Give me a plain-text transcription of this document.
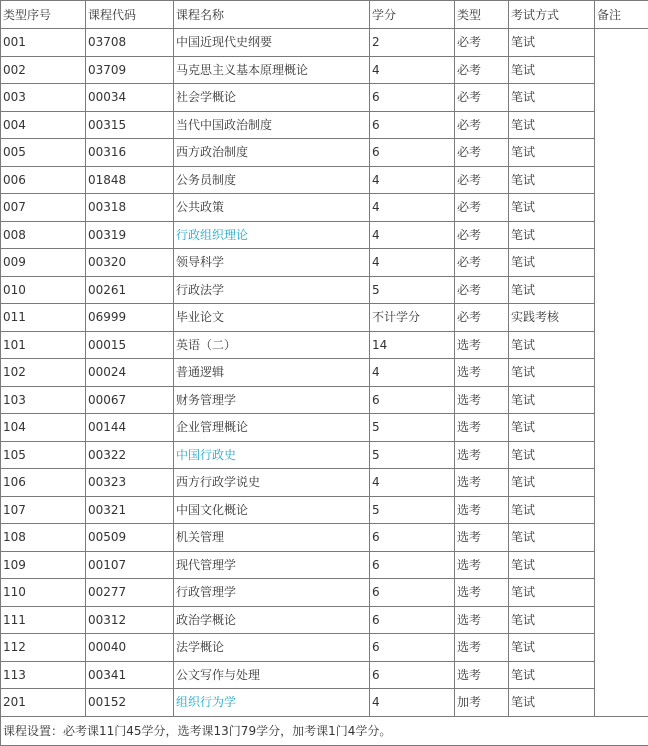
类型序号	课程代码	课程名称	学分	类型	考试方式	备注
001	03708	中国近现代史纲要	2	必考	笔试	
002	03709	马克思主义基本原理概论	4	必考	笔试	
003	00034	社会学概论	6	必考	笔试	
004	00315	当代中国政治制度	6	必考	笔试	
005	00316	西方政治制度	6	必考	笔试	
006	01848	公务员制度	4	必考	笔试	
007	00318	公共政策	4	必考	笔试	
008	00319	行政组织理论	4	必考	笔试	
009	00320	领导科学	4	必考	笔试	
010	00261	行政法学	5	必考	笔试	
011	06999	毕业论文	不计学分	必考	实践考核	
101	00015	英语（二）	14	选考	笔试	
102	00024	普通逻辑	4	选考	笔试	
103	00067	财务管理学	6	选考	笔试	
104	00144	企业管理概论	5	选考	笔试	
105	00322	中国行政史	5	选考	笔试	
106	00323	西方行政学说史	4	选考	笔试	
107	00321	中国文化概论	5	选考	笔试	
108	00509	机关管理	6	选考	笔试	
109	00107	现代管理学	6	选考	笔试	
110	00277	行政管理学	6	选考	笔试	
111	00312	政治学概论	6	选考	笔试	
112	00040	法学概论	6	选考	笔试	
113	00341	公文写作与处理	6	选考	笔试	
201	00152	组织行为学	4	加考	笔试	
课程设置：必考课11门45学分，选考课13门79学分，加考课1门4学分。						
